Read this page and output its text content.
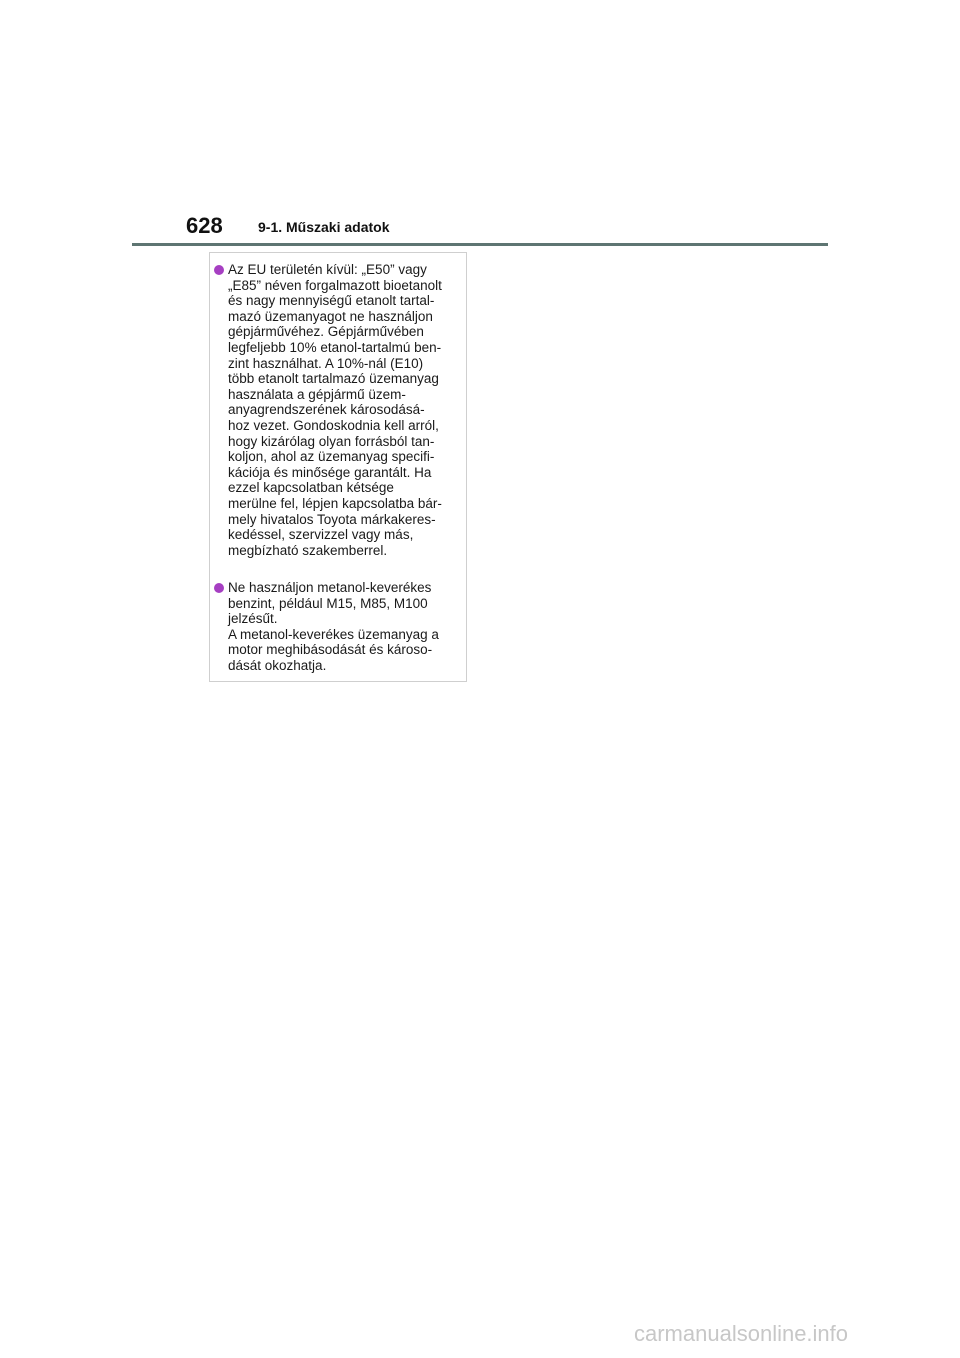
628	9-1. Műszaki adatok
Az EU területén kívül: „E50” vagy
„E85” néven forgalmazott bioetanolt
és nagy mennyiségű etanolt tartal-
mazó üzemanyagot ne használjon
gépjárművéhez. Gépjárművében
legfeljebb 10% etanol-tartalmú ben-
zint használhat. A 10%-nál (E10)
több etanolt tartalmazó üzemanyag
használata a gépjármű üzem-
anyagrendszerének károsodásá-
hoz vezet. Gondoskodnia kell arról,
hogy kizárólag olyan forrásból tan-
koljon, ahol az üzemanyag specifi-
kációja és minősége garantált. Ha
ezzel kapcsolatban kétsége
merülne fel, lépjen kapcsolatba bár-
mely hivatalos Toyota márkakeres-
kedéssel, szervizzel vagy más,
megbízható szakemberrel.
Ne használjon metanol-keverékes
benzint, például M15, M85, M100
jelzésűt.
A metanol-keverékes üzemanyag a
motor meghibásodását és károso-
dását okozhatja.
carmanualsonline.info
